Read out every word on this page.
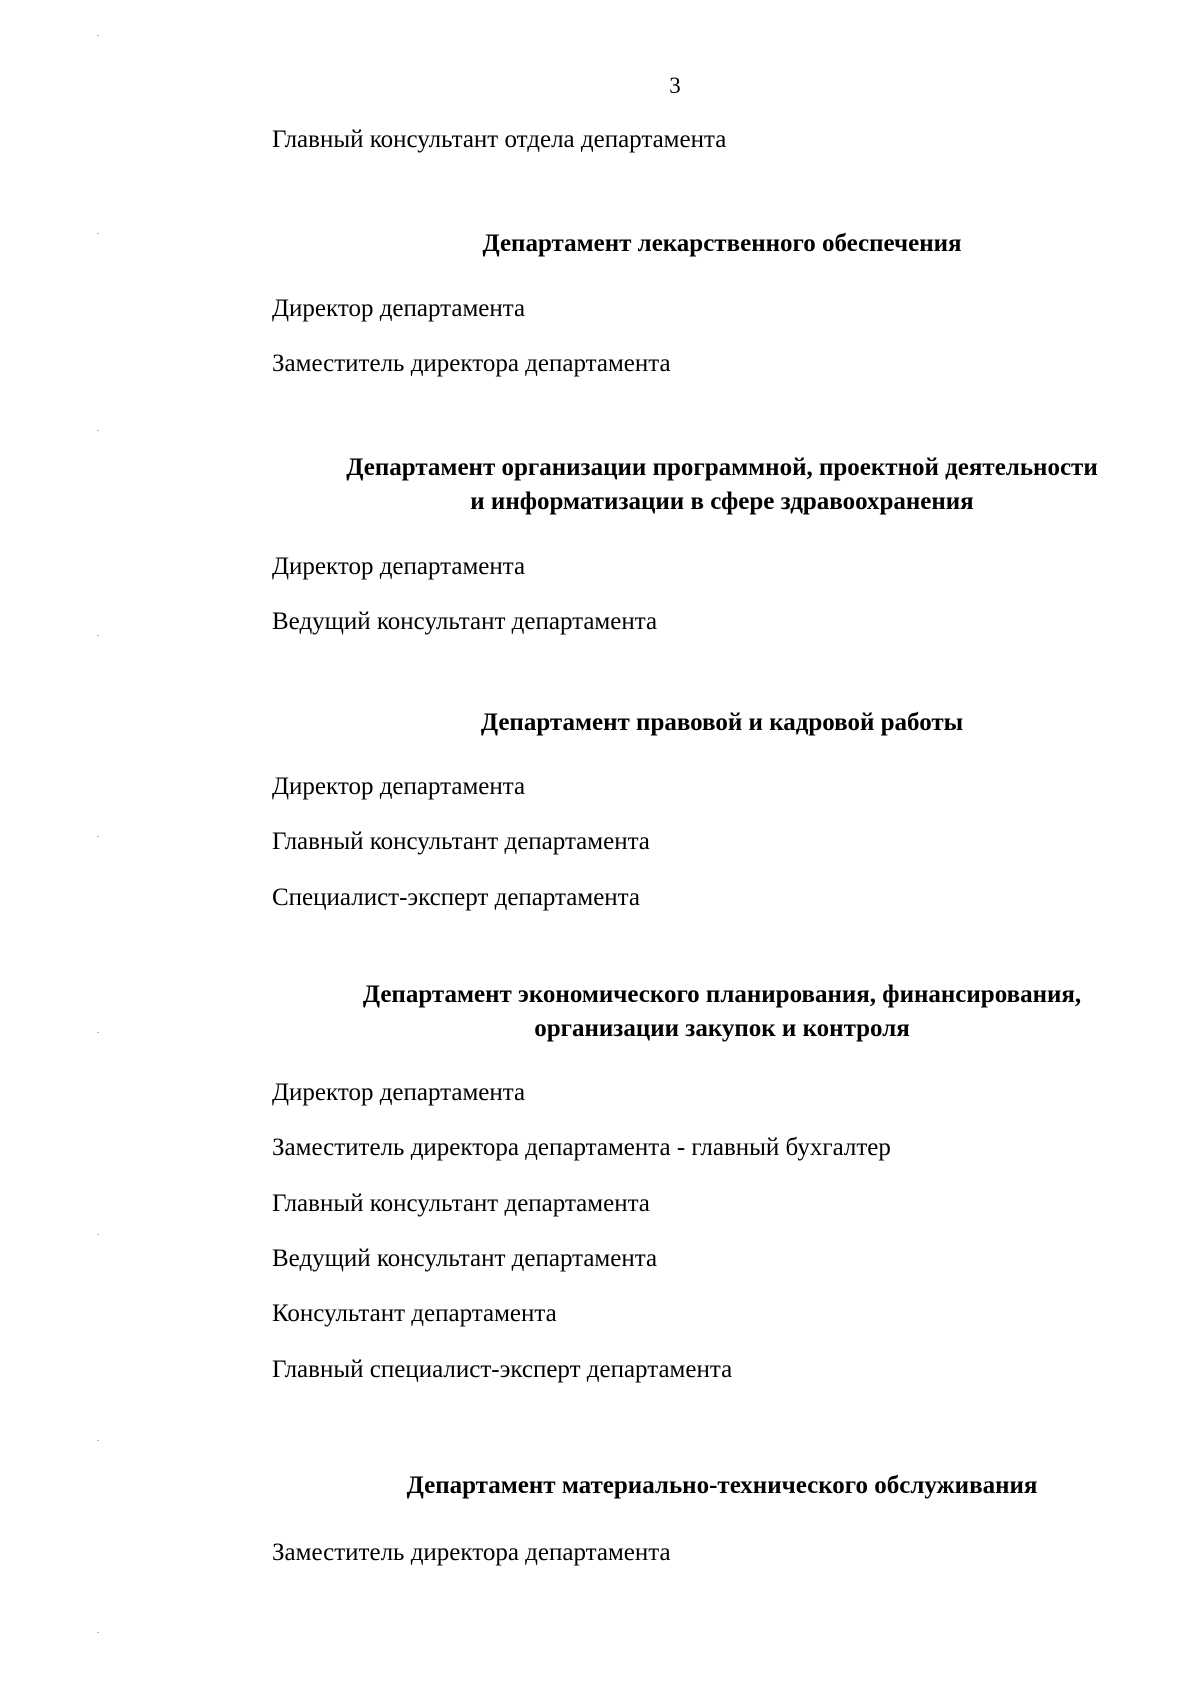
3
Главный консультант отдела департамента
Департамент лекарственного обеспечения
Директор департамента
Заместитель директора департамента
Департамент организации программной, проектной деятельности
и информатизации в сфере здравоохранения
Директор департамента
Ведущий консультант департамента
Департамент правовой и кадровой работы
Директор департамента
Главный консультант департамента
Специалист-эксперт департамента
Департамент экономического планирования, финансирования,
организации закупок и контроля
Директор департамента
Заместитель директора департамента - главный бухгалтер
Главный консультант департамента
Ведущий консультант департамента
Консультант департамента
Главный специалист-эксперт департамента
Департамент материально-технического обслуживания
Заместитель директора департамента
